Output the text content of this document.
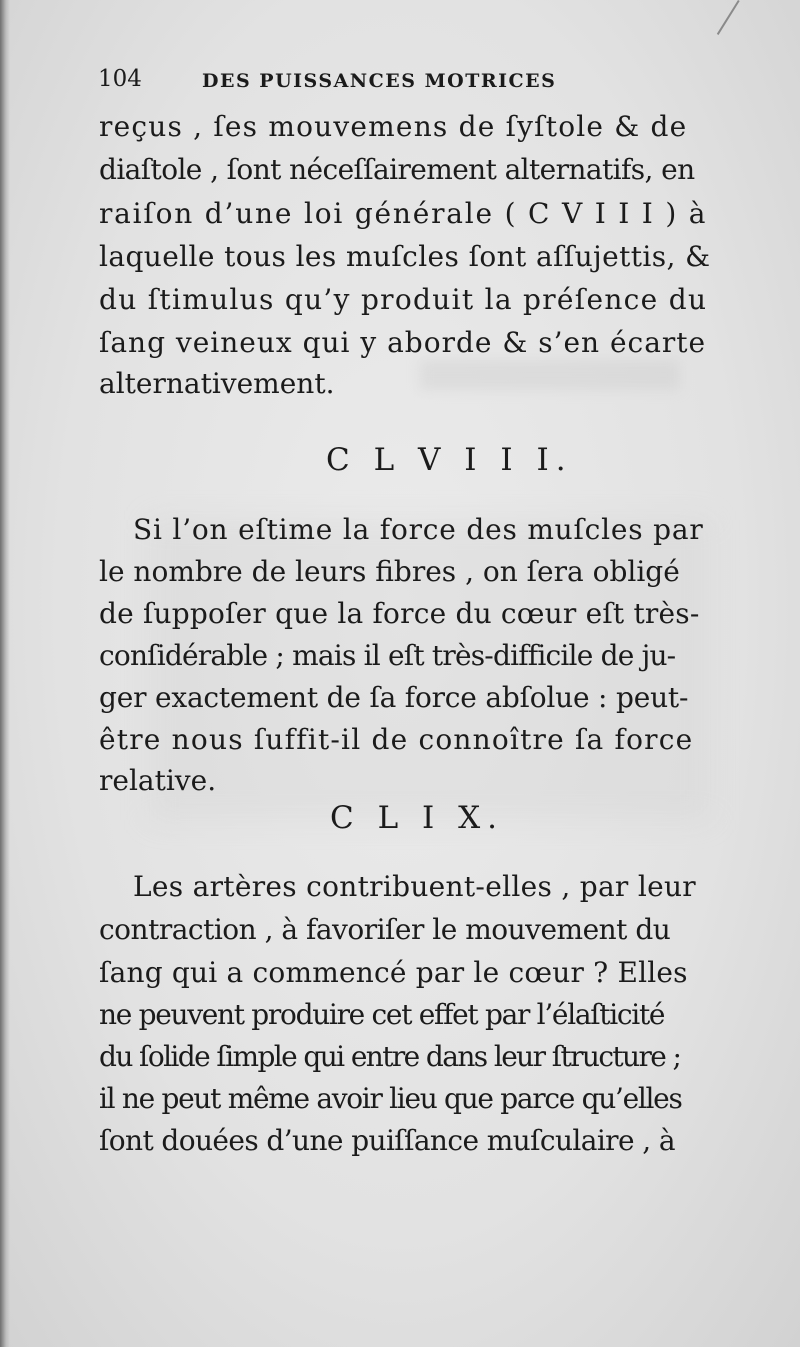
104	DES PUISSANCES MOTRICES
reçus , ſes mouvemens de ſyſtole & de
diaſtole , ſont néceſſairement alternatifs, en
raiſon d’une loi générale ( C V I I I ) à
laquelle tous les muſcles ſont aſſujettis, &
du ſtimulus qu’y produit la préſence du
ſang veineux qui y aborde & s’en écarte
alternativement.
C L V I I I.
Si l’on eſtime la force des muſcles par
le nombre de leurs fibres , on ſera obligé
de ſuppoſer que la force du cœur eſt très-
conſidérable ; mais il eſt très-difficile de ju-
ger exactement de ſa force abſolue : peut-
être nous ſuffit-il de connoître ſa force
relative.
C L I X.
Les artères contribuent-elles , par leur
contraction , à favoriſer le mouvement du
ſang qui a commencé par le cœur ? Elles
ne peuvent produire cet effet par l’élaſticité
du ſolide ſimple qui entre dans leur ſtructure ;
il ne peut même avoir lieu que parce qu’elles
ſont douées d’une puiſſance muſculaire , à
